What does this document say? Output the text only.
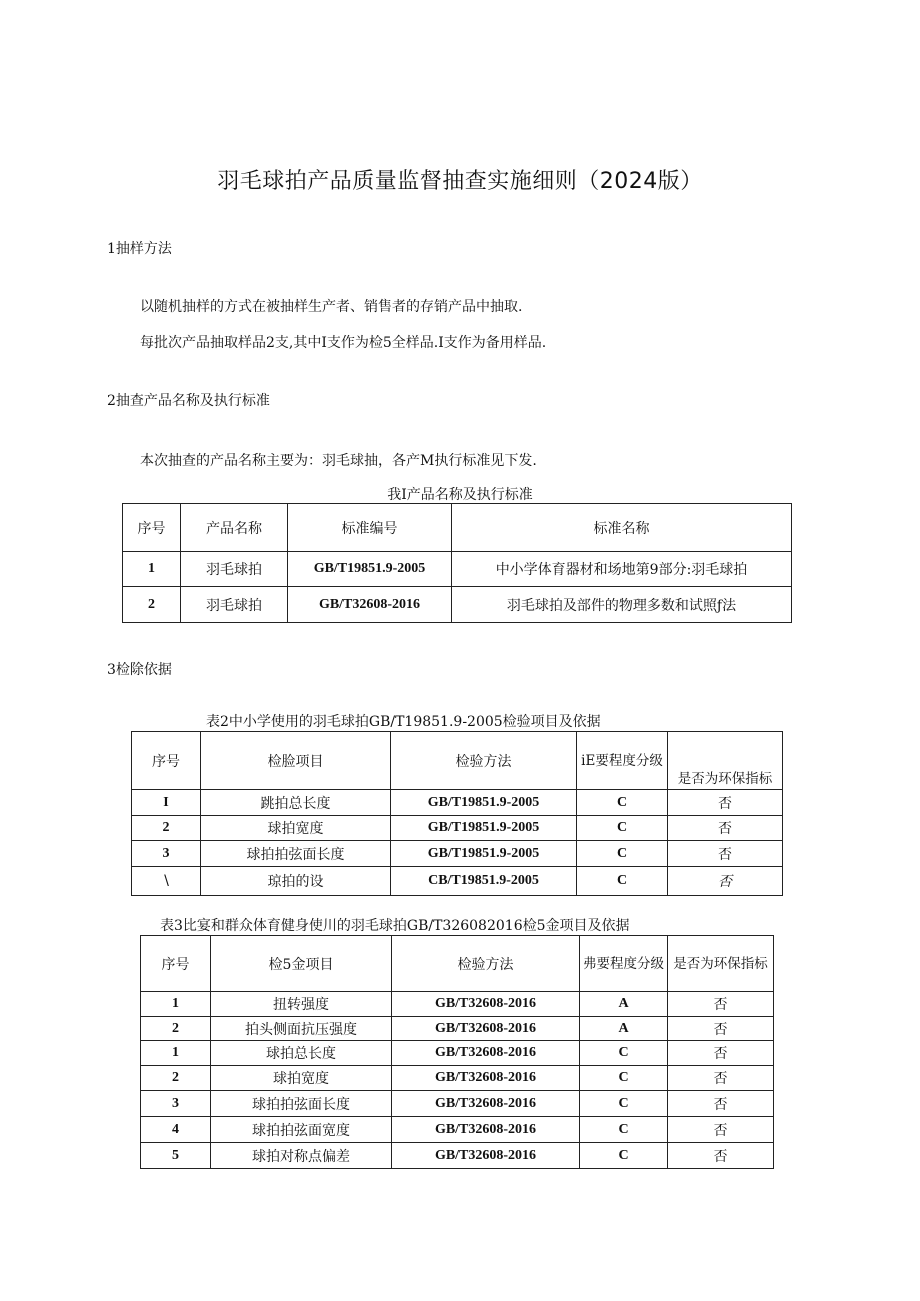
羽毛球拍产品质量监督抽查实施细则（2024版）
1抽样方法
以随机抽样的方式在被抽样生产者、销售者的存销产品中抽取.
每批次产品抽取样品2支,其中I支作为检5全样品.I支作为备用样品.
2抽查产品名称及执行标准
本次抽查的产品名称主要为：羽毛球抽，各产M执行标准见下发.
我I产品名称及执行标准
序号	产品名称	标准编号	标准名称
1	羽毛球拍	GB/T19851.9-2005	中小学体育器材和场地第9部分:羽毛球拍
2	羽毛球拍	GB/T32608-2016	羽毛球拍及部件的物理多数和试照ƒ法
3检除依据
表2中小学使用的羽毛球拍GB/T19851.9-2005检验项目及依据
序号	检脸项目	检验方法	iE要程度分级	是否为环保指标
I	跳拍总长度	GB/T19851.9-2005	C	否
2	球拍宽度	GB/T19851.9-2005	C	否
3	球拍拍弦面长度	GB/T19851.9-2005	C	否
∖	琼拍的设	CB/T19851.9-2005	C	否
表3比宴和群众体育健身使川的羽毛球拍GB/T326082016检5金项目及依据
序号	检5金项目	检验方法	弗要程度分级	是否为环保指标
1	扭转强度	GB/T32608-2016	A	否
2	拍头侧面抗压强度	GB/T32608-2016	A	否
1	球拍总长度	GB/T32608-2016	C	否
2	球拍宽度	GB/T32608-2016	C	否
3	球拍拍弦面长度	GB/T32608-2016	C	否
4	球拍拍弦面宽度	GB/T32608-2016	C	否
5	球拍对称点偏差	GB/T32608-2016	C	否
